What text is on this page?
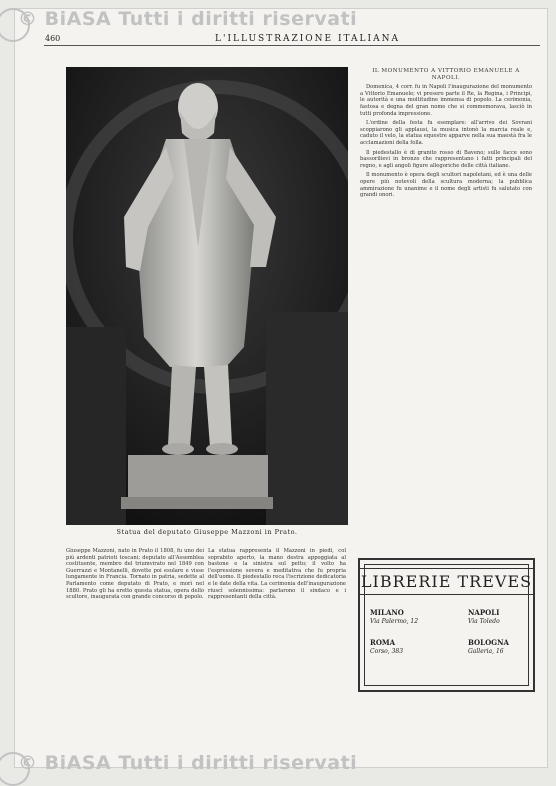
© BiASA Tutti i diritti riservati
© BiASA Tutti i diritti riservati
460	L'ILLUSTRAZIONE ITALIANA
Statua del deputato Giuseppe Mazzoni in Prato.
IL MONUMENTO A VITTORIO EMANUELE A NAPOLI.

Domenica, 4 corr. fu in Napoli l'inaugurazione del monumento a Vittorio Emanuele; vi presero parte il Re, la Regina, i Principi, le autorità e una moltitudine immensa di popolo. La cerimonia, fastosa e degna del gran nome che si commemorava, lasciò in tutti profonda impressione.

L'ordine della festa fu esemplare: all'arrivo dei Sovrani scoppiarono gli applausi, la musica intonò la marcia reale e, caduto il velo, la statua equestre apparve nella sua maestà fra le acclamazioni della folla.

Il piedestallo è di granito rosso di Baveno; sulle facce sono bassorilievi in bronzo che rappresentano i fatti principali del regno, e agli angoli figure allegoriche delle città italiane.

Il monumento è opera degli scultori napoletani, ed è una delle opere più notevoli della scultura moderna; la pubblica ammirazione fu unanime e il nome degli artisti fu salutato con grandi onori.

Giuseppe Mazzoni, nato in Prato il 1808, fu uno dei più ardenti patrioti toscani; deputato all'Assemblea costituente, membro del triumvirato nel 1849 con Guerrazzi e Montanelli, dovette poi esulare e visse lungamente in Francia. Tornato in patria, sedette al Parlamento come deputato di Prato, e morì nel 1880. Prato gli ha eretto questa statua, opera dello scultore, inaugurata con grande concorso di popolo.
La statua rappresenta il Mazzoni in piedi, col soprabito aperto, la mano destra appoggiata al bastone e la sinistra sul petto; il volto ha l'espressione severa e meditativa che fu propria dell'uomo. Il piedestallo reca l'iscrizione dedicatoria e le date della vita. La cerimonia dell'inaugurazione riuscì solennissima: parlarono il sindaco e i rappresentanti della città.
LIBRERIE TREVES
MILANO
Via Palermo, 12
ROMA
Corso, 383
NAPOLI
Via Toledo
BOLOGNA
Galleria, 16
